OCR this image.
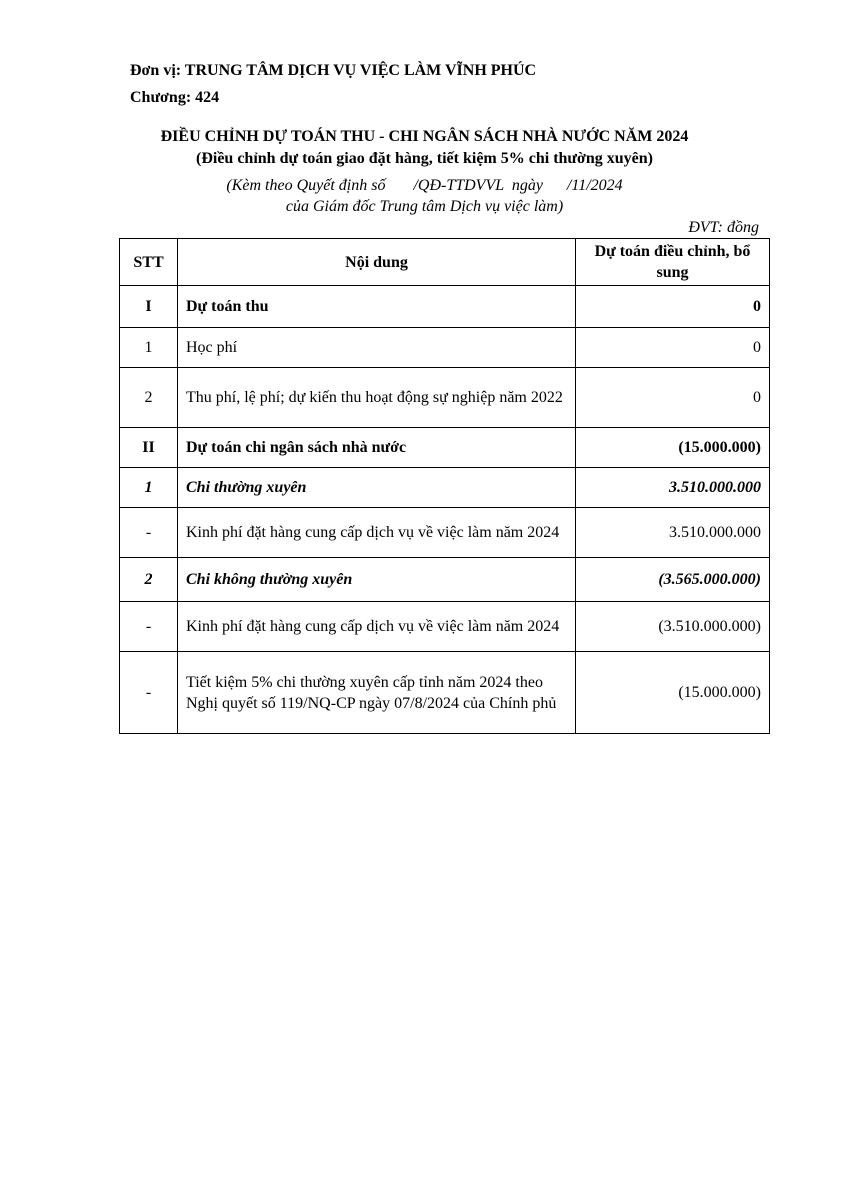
Đơn vị: TRUNG TÂM DỊCH VỤ VIỆC LÀM VĨNH PHÚC
Chương: 424
ĐIỀU CHỈNH DỰ TOÁN THU - CHI NGÂN SÁCH NHÀ NƯỚC NĂM 2024
(Điều chỉnh dự toán giao đặt hàng, tiết kiệm 5% chi thường xuyên)
(Kèm theo Quyết định số       /QĐ-TTDVVL  ngày      /11/2024
của Giám đốc Trung tâm Dịch vụ việc làm)
ĐVT: đồng
STT	Nội dung	Dự toán điều chỉnh, bổ sung
I	Dự toán thu	0
1	Học phí	0
2	Thu phí, lệ phí; dự kiến thu hoạt động sự nghiệp năm 2022	0
II	Dự toán chi ngân sách nhà nước	(15.000.000)
1	Chi thường xuyên	3.510.000.000
-	Kinh phí đặt hàng cung cấp dịch vụ về việc làm năm 2024	3.510.000.000
2	Chi không thường xuyên	(3.565.000.000)
-	Kinh phí đặt hàng cung cấp dịch vụ về việc làm năm 2024	(3.510.000.000)
-	Tiết kiệm 5% chi thường xuyên cấp tỉnh năm 2024 theo Nghị quyết số 119/NQ-CP ngày 07/8/2024 của Chính phủ	(15.000.000)
